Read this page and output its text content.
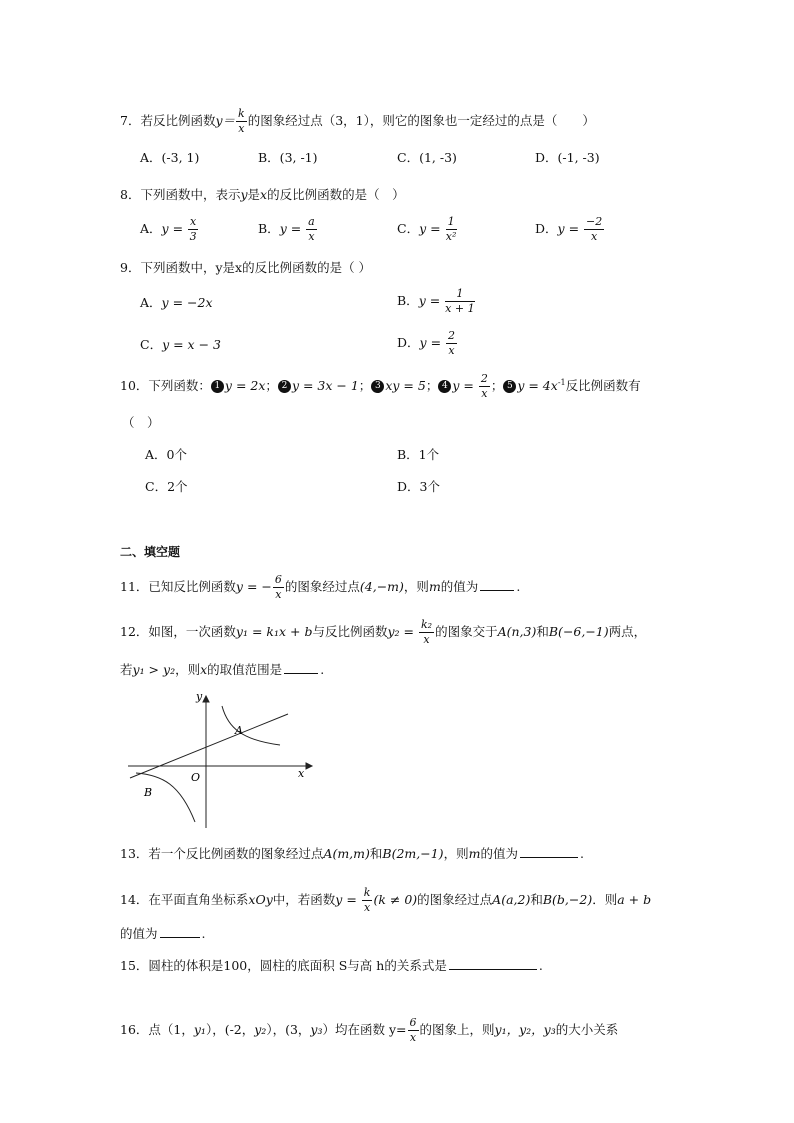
7．若反比例函数$y= \frac{k}{x}$ 的图象经过点（3，1），则它的图象也一定经过的点是（　　）
A．(-3, 1)	B．(3, -1)	C．(1, -3)	D．(-1, -3)
8．下列函数中，表示y是x的反比例函数的是（　）
A．$y = \frac{x}{3}$	B．$y = \frac{a}{x}$	C．$y = \frac{1}{\text{x²}}$	D．$y = \frac{-2}{x}$
9．下列函数中，y是x的反比例函数的是（ ）
A．y = −2x	B．$y = \frac{1}{x + 1}$
C．y = x − 3	D．$y = \frac{2}{x}$
10．下列函数： 1 y = 2x； 2 y = 3x − 1； 3 xy = 5； 4 $y = \frac{2}{x}$ ； 5 $y = 4x^{-1}$反比例函数有
（　）
A．0个	B．1个
C．2个	D．3个
二、填空题
11．已知反比例函数y = − $\frac{6}{x}$ 的图象经过点(4,−m)，则m的值为	.
12．如图，一次函数y₁ = k₁x + b与反比例函数$y_2 = \frac{\text{k₂}}{x}$ 的图象交于A(n,3)和B(−6,−1)两点，
若y₁ > y₂，则x的取值范围是	.
y
x
O
A
B
13．若一个反比例函数的图象经过点A(m,m)和B(2m,−1)，则m的值为	.
14．在平面直角坐标系xOy中，若函数$y = \frac{k}{x} (k \ne 0)$的图象经过点A(a,2)和B(b,−2)．则a + b
的值为	.
15．圆柱的体积是100，圆柱的底面积 S与高 h的关系式是	.
16．点（1，y₁），(-2，y₂），(3，y₃）均在函数 $y= \frac{6}{x}$ 的图象上，则y₁，y₂，y₃的大小关系
